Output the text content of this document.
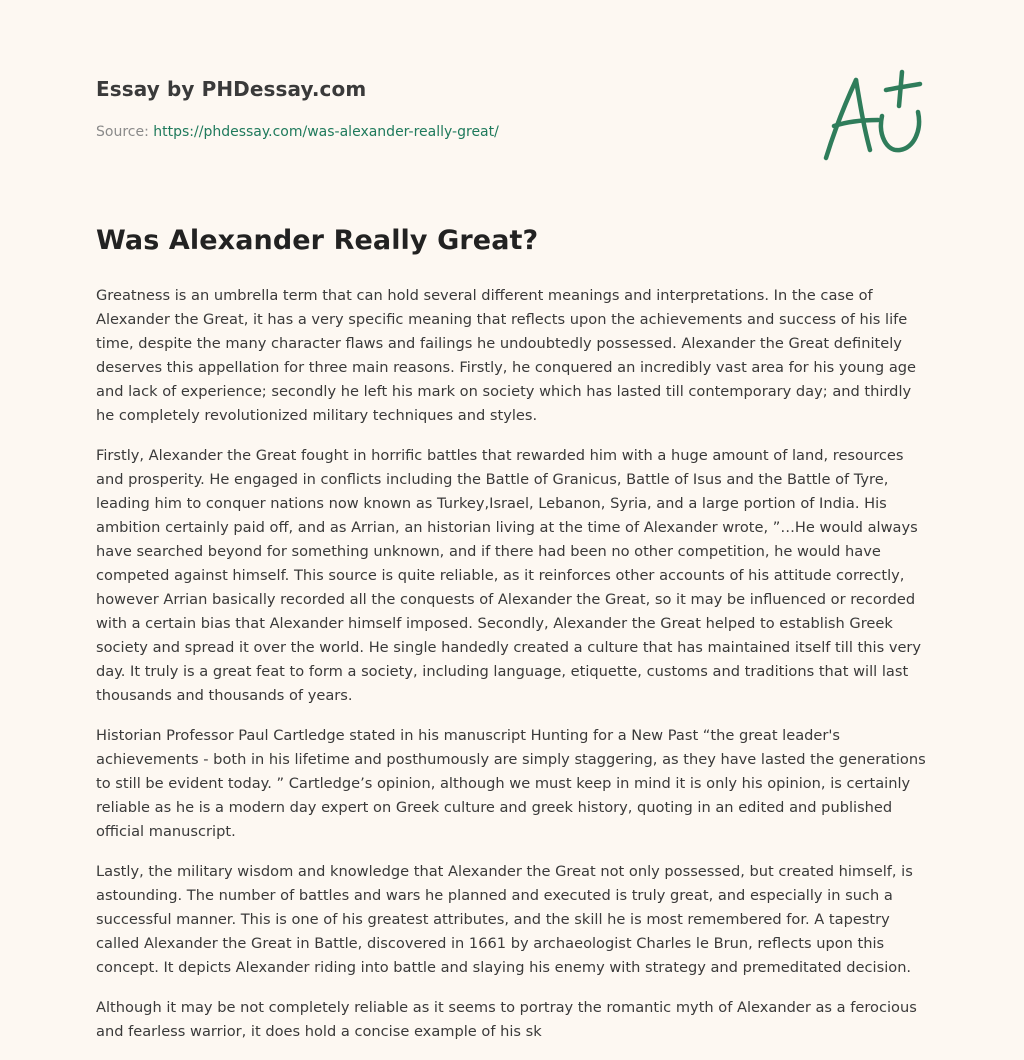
Essay by PHDessay.com
Source: https://phdessay.com/was-alexander-really-great/
Was Alexander Really Great?

Greatness is an umbrella term that can hold several different meanings and interpretations. In the case of Alexander the Great, it has a very specific meaning that reflects upon the achievements and success of his life time, despite the many character flaws and failings he undoubtedly possessed. Alexander the Great definitely deserves this appellation for three main reasons. Firstly, he conquered an incredibly vast area for his young age and lack of experience; secondly he left his mark on society which has lasted till contemporary day; and thirdly he completely revolutionized military techniques and styles.

Firstly, Alexander the Great fought in horrific battles that rewarded him with a huge amount of land, resources and prosperity. He engaged in conflicts including the Battle of Granicus, Battle of Isus and the Battle of Tyre, leading him to conquer nations now known as Turkey,Israel, Lebanon, Syria, and a large portion of India. His ambition certainly paid off, and as Arrian, an historian living at the time of Alexander wrote, ”…He would always have searched beyond for something unknown, and if there had been no other competition, he would have competed against himself. This source is quite reliable, as it reinforces other accounts of his attitude correctly, however Arrian basically recorded all the conquests of Alexander the Great, so it may be influenced or recorded with a certain bias that Alexander himself imposed. Secondly, Alexander the Great helped to establish Greek society and spread it over the world. He single handedly created a culture that has maintained itself till this very day. It truly is a great feat to form a society, including language, etiquette, customs and traditions that will last thousands and thousands of years.

Historian Professor Paul Cartledge stated in his manuscript Hunting for a New Past “the great leader's achievements - both in his lifetime and posthumously are simply staggering, as they have lasted the generations to still be evident today. ” Cartledge’s opinion, although we must keep in mind it is only his opinion, is certainly reliable as he is a modern day expert on Greek culture and greek history, quoting in an edited and published official manuscript.

Lastly, the military wisdom and knowledge that Alexander the Great not only possessed, but created himself, is astounding. The number of battles and wars he planned and executed is truly great, and especially in such a successful manner. This is one of his greatest attributes, and the skill he is most remembered for. A tapestry called Alexander the Great in Battle, discovered in 1661 by archaeologist Charles le Brun, reflects upon this concept. It depicts Alexander riding into battle and slaying his enemy with strategy and premeditated decision.

Although it may be not completely reliable as it seems to portray the romantic myth of Alexander as a ferocious and fearless warrior, it does hold a concise example of his sk
